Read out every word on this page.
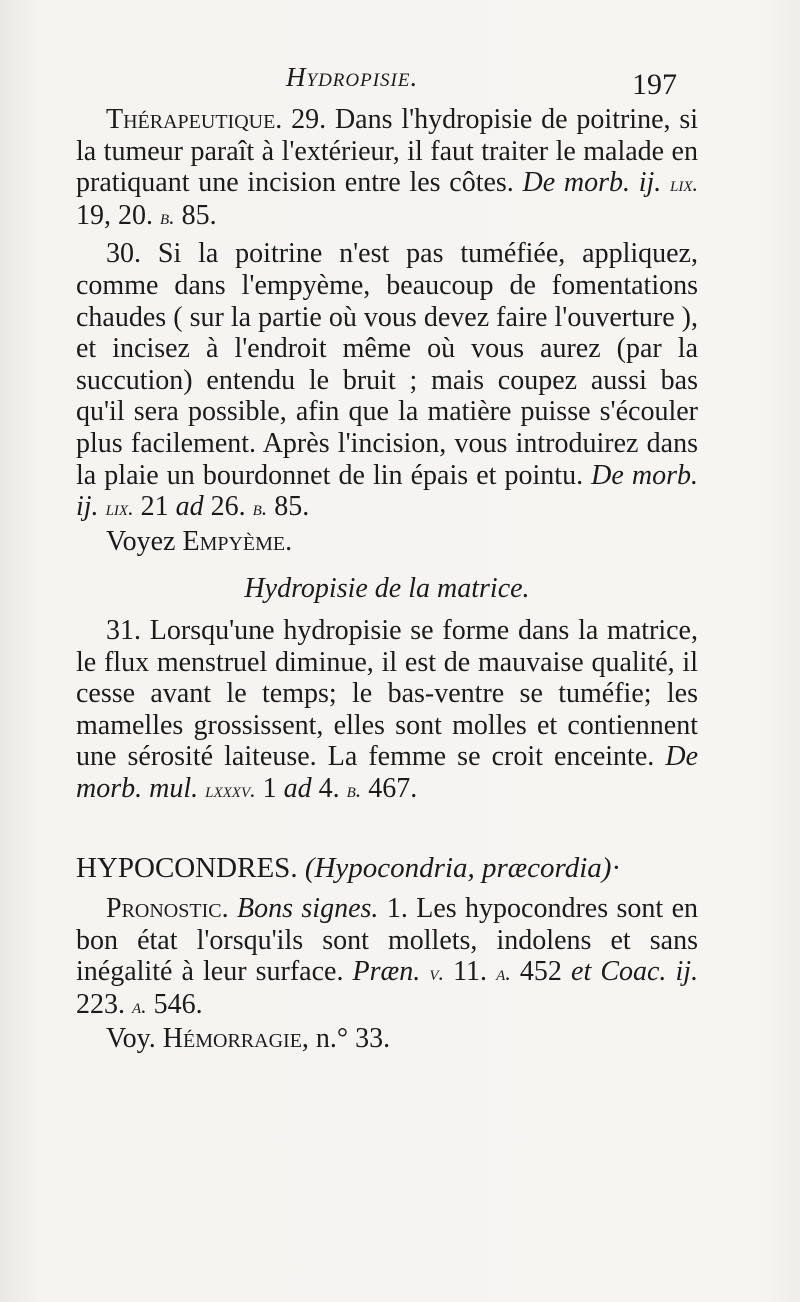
Hydropisie.	197

Thérapeutique. 29. Dans l'hydropisie de poitrine, si la tumeur paraît à l'extérieur, il faut traiter le malade en pratiquant une incision entre les côtes. De morb. ij. lix. 19, 20. b. 85.

30. Si la poitrine n'est pas tuméfiée, appliquez, comme dans l'empyème, beaucoup de fomentations chaudes ( sur la partie où vous devez faire l'ouverture ), et incisez à l'endroit même où vous aurez (par la succution) entendu le bruit ; mais coupez aussi bas qu'il sera possible, afin que la matière puisse s'écouler plus facilement. Après l'incision, vous introduirez dans la plaie un bourdonnet de lin épais et pointu. De morb. ij. lix. 21 ad 26. b. 85.

Voyez Empyème.

Hydropisie de la matrice.

31. Lorsqu'une hydropisie se forme dans la matrice, le flux menstruel diminue, il est de mauvaise qualité, il cesse avant le temps; le bas-ventre se tuméfie; les mamelles grossissent, elles sont molles et contiennent une sérosité laiteuse. La femme se croit enceinte. De morb. mul. lxxxv. 1 ad 4. b. 467.

HYPOCONDRES. (Hypocondria, præcordia)·

Pronostic. Bons signes. 1. Les hypocondres sont en bon état l'orsqu'ils sont mollets, indolens et sans inégalité à leur surface. Præn. v. 11. a. 452 et Coac. ij. 223. a. 546.

Voy. Hémorragie, n.° 33.
